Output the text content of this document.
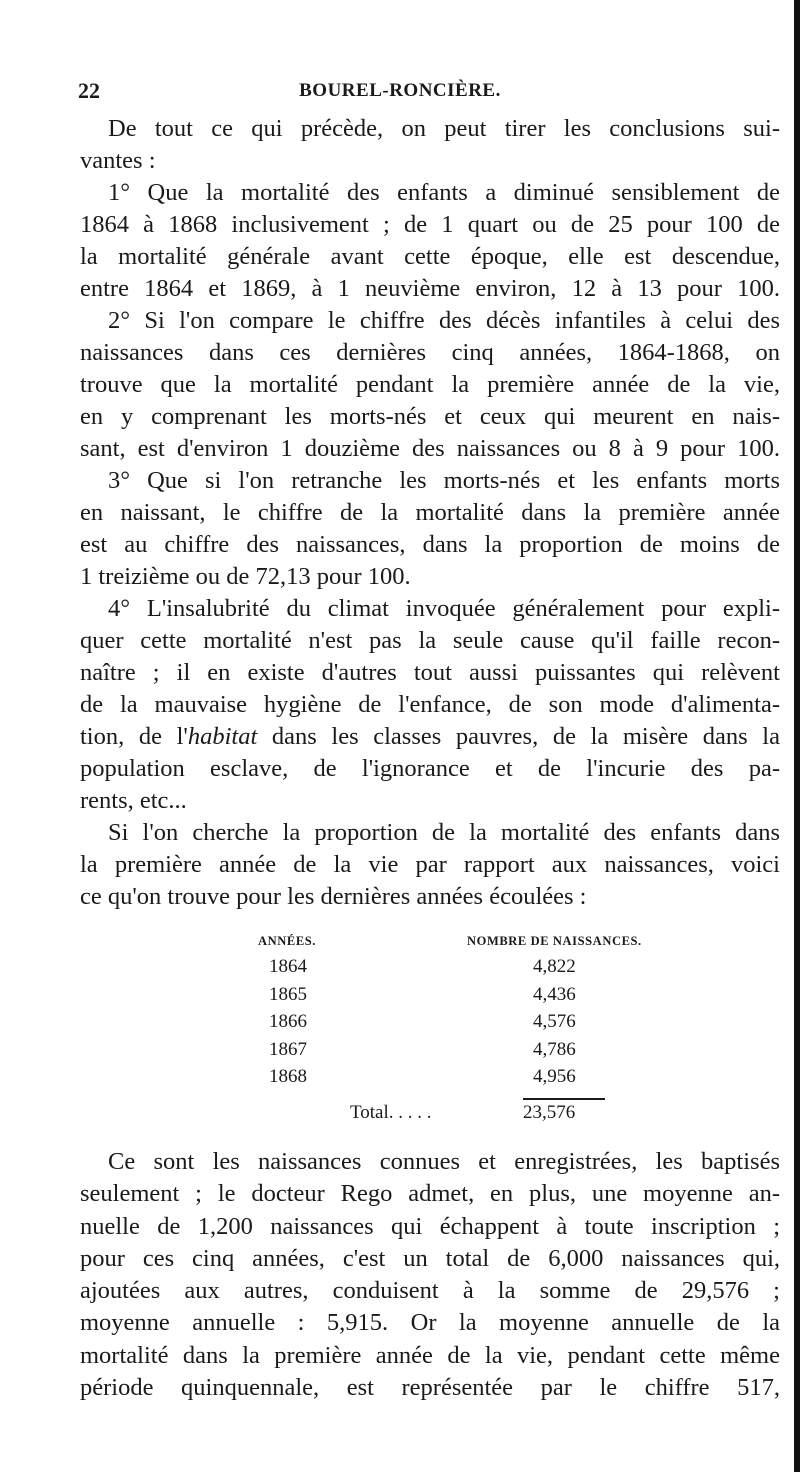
22	BOUREL-RONCIÈRE.
De tout ce qui précède, on peut tirer les conclusions sui-
vantes :
1° Que la mortalité des enfants a diminué sensiblement de
1864 à 1868 inclusivement ; de 1 quart ou de 25 pour 100 de
la mortalité générale avant cette époque, elle est descendue,
entre 1864 et 1869, à 1 neuvième environ, 12 à 13 pour 100.
2° Si l'on compare le chiffre des décès infantiles à celui des
naissances dans ces dernières cinq années, 1864-1868, on
trouve que la mortalité pendant la première année de la vie,
en y comprenant les morts-nés et ceux qui meurent en nais-
sant, est d'environ 1 douzième des naissances ou 8 à 9 pour 100.
3° Que si l'on retranche les morts-nés et les enfants morts
en naissant, le chiffre de la mortalité dans la première année
est au chiffre des naissances, dans la proportion de moins de
1 treizième ou de 72,13 pour 100.
4° L'insalubrité du climat invoquée généralement pour expli-
quer cette mortalité n'est pas la seule cause qu'il faille recon-
naître ; il en existe d'autres tout aussi puissantes qui relèvent
de la mauvaise hygiène de l'enfance, de son mode d'alimenta-
tion, de l'habitat dans les classes pauvres, de la misère dans la
population esclave, de l'ignorance et de l'incurie des pa-
rents, etc...
Si l'on cherche la proportion de la mortalité des enfants dans
la première année de la vie par rapport aux naissances, voici
ce qu'on trouve pour les dernières années écoulées :
ANNÉES.	NOMBRE DE NAISSANCES.
1864	4,822
1865	4,436
1866	4,576
1867	4,786
1868	4,956
Total. . . . .	23,576
Ce sont les naissances connues et enregistrées, les baptisés
seulement ; le docteur Rego admet, en plus, une moyenne an-
nuelle de 1,200 naissances qui échappent à toute inscription ;
pour ces cinq années, c'est un total de 6,000 naissances qui,
ajoutées aux autres, conduisent à la somme de 29,576 ;
moyenne annuelle : 5,915. Or la moyenne annuelle de la
mortalité dans la première année de la vie, pendant cette même
période quinquennale, est représentée par le chiffre 517,
